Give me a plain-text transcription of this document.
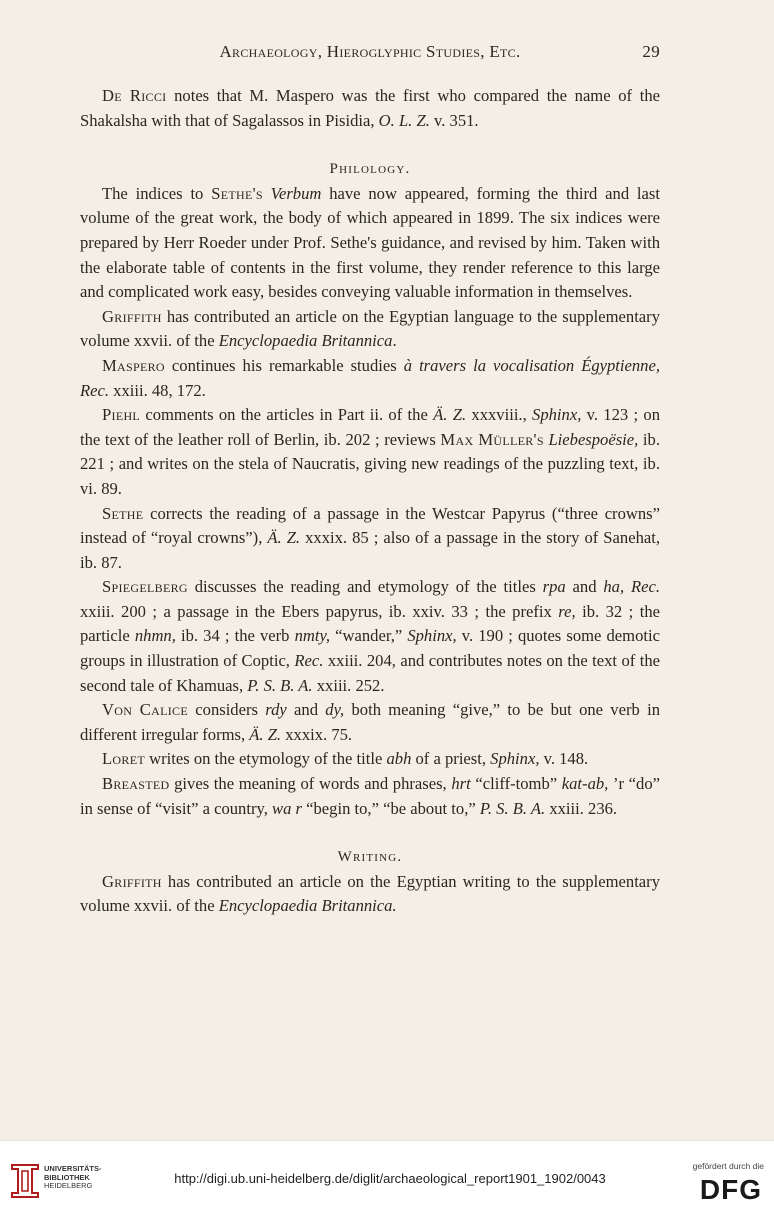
Archaeology, Hieroglyphic Studies, Etc.	29

De Ricci notes that M. Maspero was the first who compared the name of the Shakalsha with that of Sagalassos in Pisidia, O. L. Z. v. 351.

Philology.

The indices to Sethe's Verbum have now appeared, forming the third and last volume of the great work, the body of which appeared in 1899. The six indices were prepared by Herr Roeder under Prof. Sethe's guidance, and revised by him. Taken with the elaborate table of contents in the first volume, they render reference to this large and complicated work easy, besides conveying valuable information in themselves.

Griffith has contributed an article on the Egyptian language to the supplementary volume xxvii. of the Encyclopaedia Britannica.

Maspero continues his remarkable studies à travers la vocalisation Égyptienne, Rec. xxiii. 48, 172.

Piehl comments on the articles in Part ii. of the Ä. Z. xxxviii., Sphinx, v. 123 ; on the text of the leather roll of Berlin, ib. 202 ; reviews Max Müller's Liebespoësie, ib. 221 ; and writes on the stela of Naucratis, giving new readings of the puzzling text, ib. vi. 89.

Sethe corrects the reading of a passage in the Westcar Papyrus (“three crowns” instead of “royal crowns”), Ä. Z. xxxix. 85 ; also of a passage in the story of Sanehat, ib. 87.

Spiegelberg discusses the reading and etymology of the titles rpa and ha, Rec. xxiii. 200 ; a passage in the Ebers papyrus, ib. xxiv. 33 ; the prefix re, ib. 32 ; the particle nhmn, ib. 34 ; the verb nmty, “wander,” Sphinx, v. 190 ; quotes some demotic groups in illustration of Coptic, Rec. xxiii. 204, and contributes notes on the text of the second tale of Khamuas, P. S. B. A. xxiii. 252.

Von Calice considers rdy and dy, both meaning “give,” to be but one verb in different irregular forms, Ä. Z. xxxix. 75.

Loret writes on the etymology of the title abh of a priest, Sphinx, v. 148.

Breasted gives the meaning of words and phrases, hrt “cliff-tomb” kat-ab, ’r “do” in sense of “visit” a country, wa r “begin to,” “be about to,” P. S. B. A. xxiii. 236.

Writing.

Griffith has contributed an article on the Egyptian writing to the supplementary volume xxvii. of the Encyclopaedia Britannica.

UNIVERSITÄTS-
BIBLIOTHEK
HEIDELBERG	http://digi.ub.uni-heidelberg.de/diglit/archaeological_report1901_1902/0043
gefördert durch die
DFG
